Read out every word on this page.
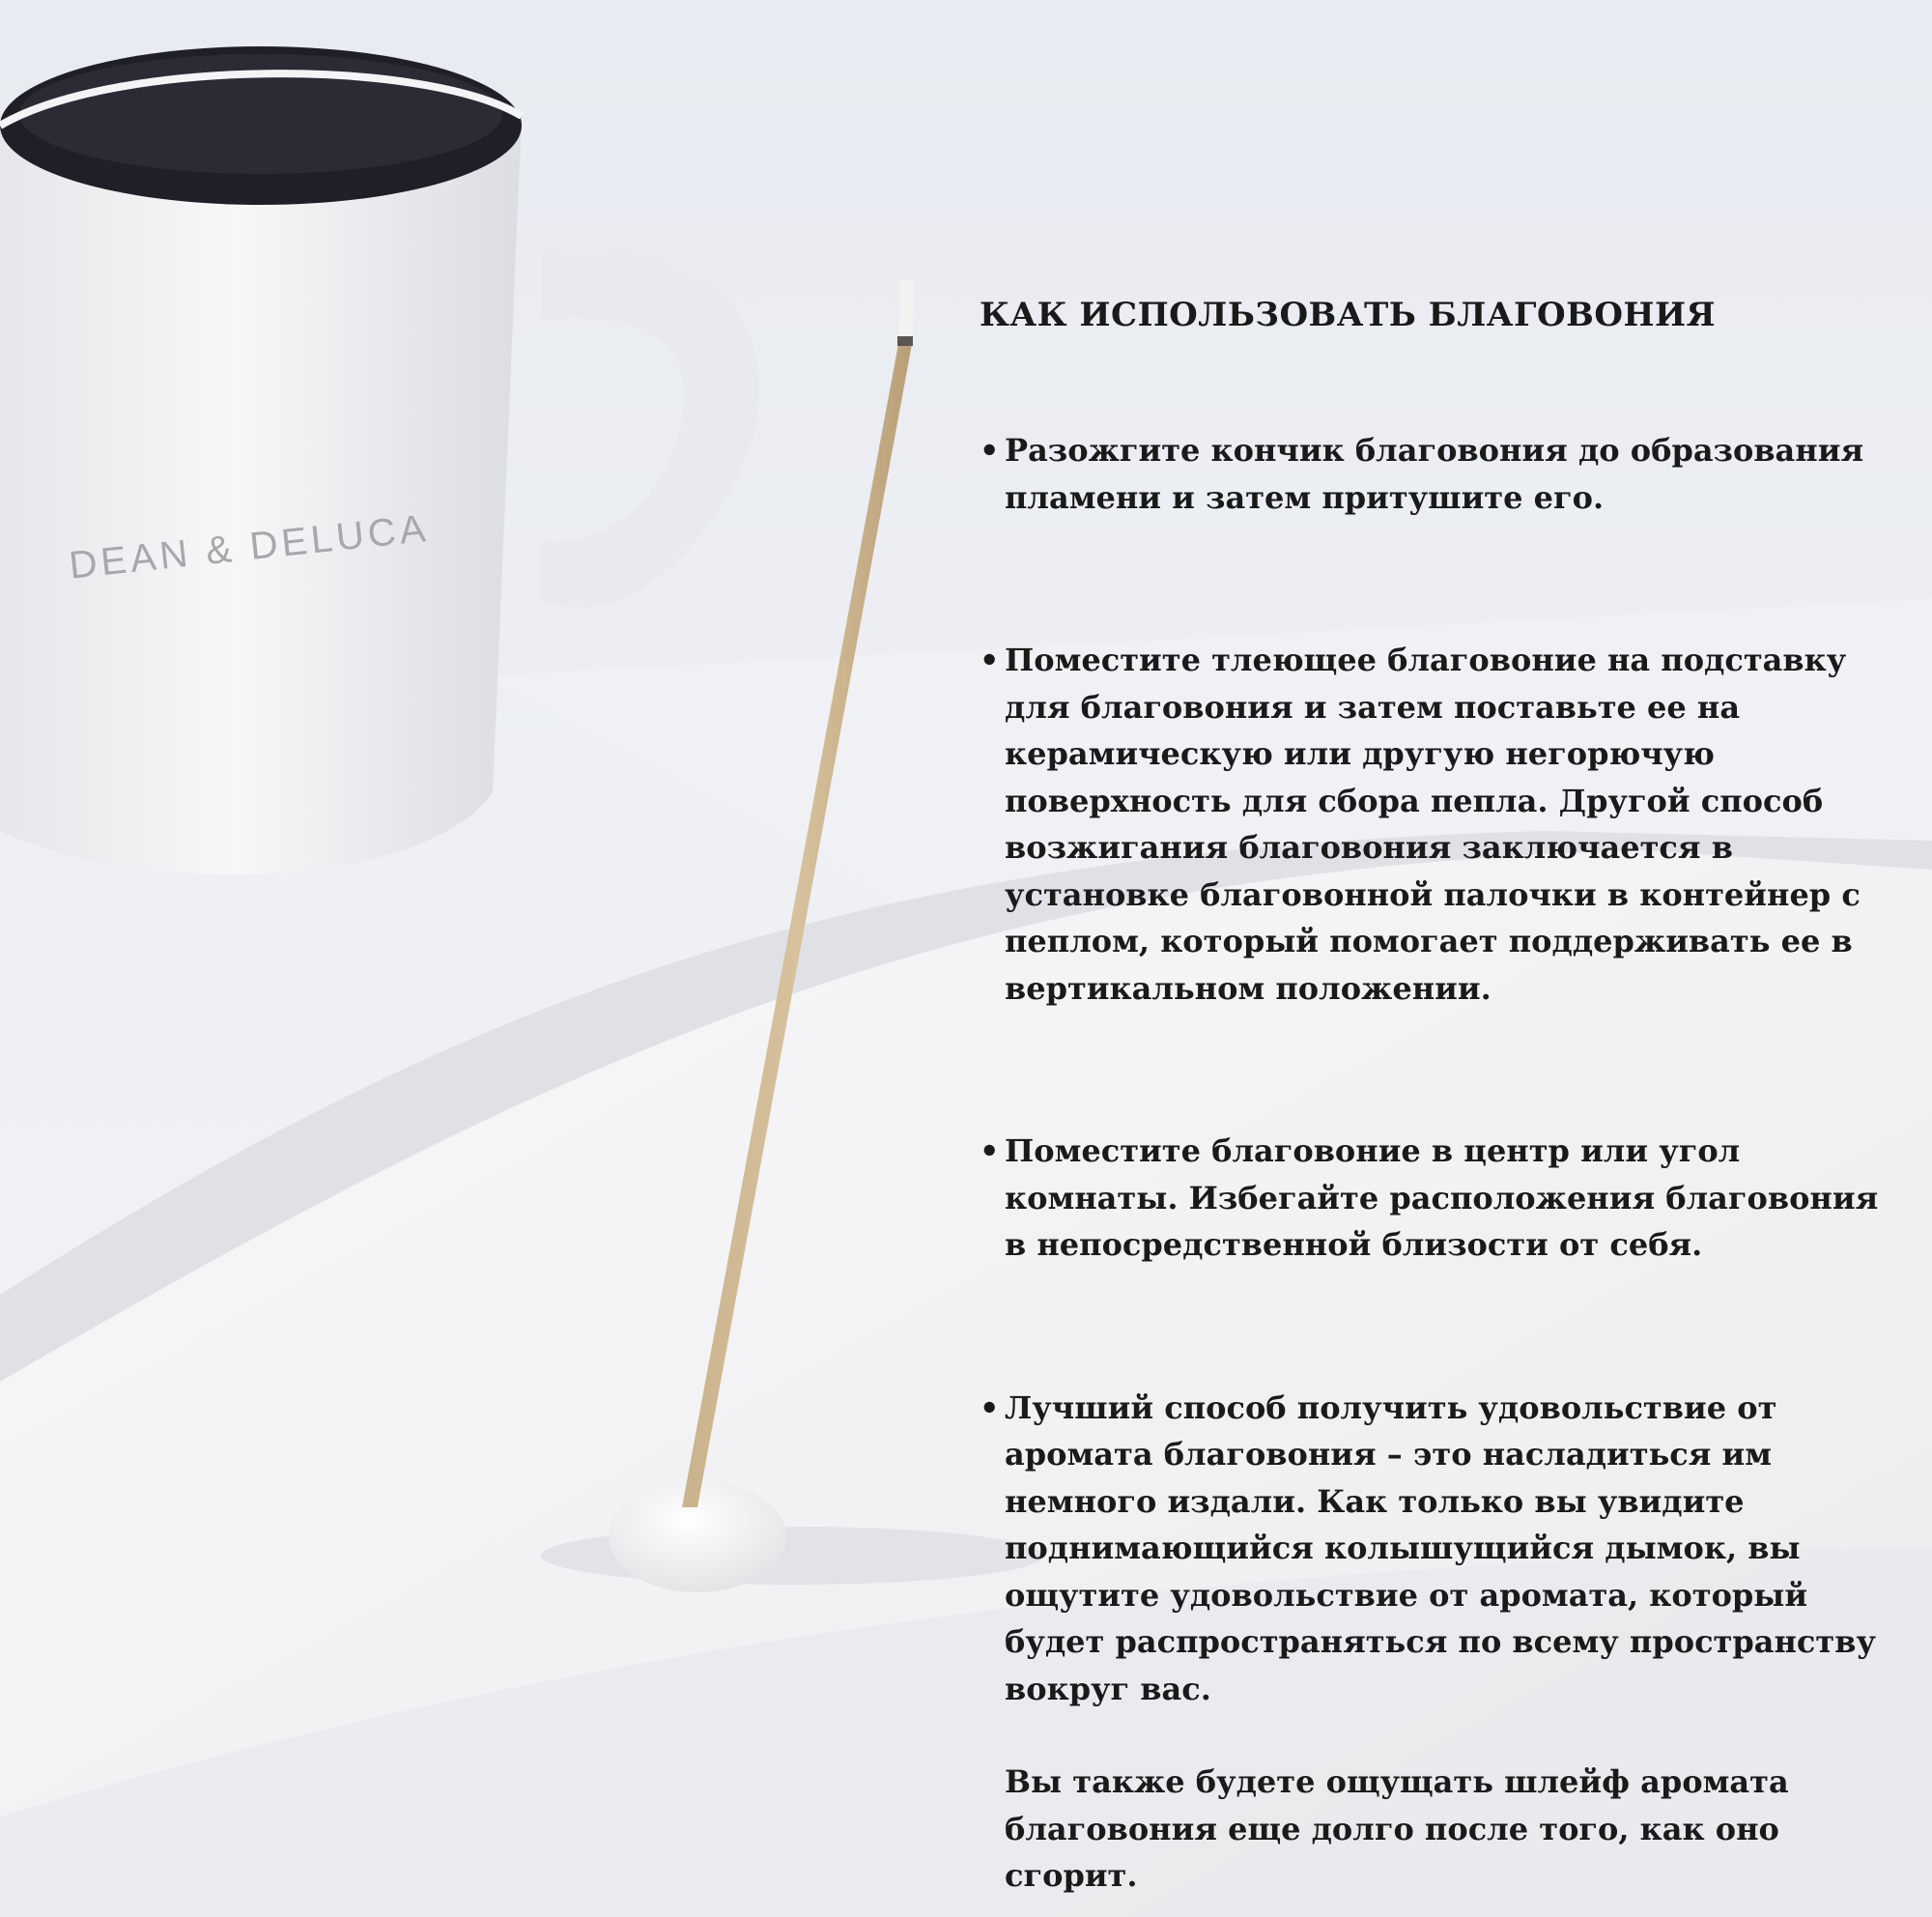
DEAN & DELUCA
КАК ИСПОЛЬЗОВАТЬ БЛАГОВОНИЯ
• Разожгите кончик благовония до образования пламени и затем притушите его.
• Поместите тлеющее благовоние на подставку для благовония и затем поставьте ее на керамическую или другую негорючую поверхность для сбора пепла. Другой способ возжигания благовония заключается в установке благовонной палочки в контейнер с пеплом, который помогает поддерживать ее в вертикальном положении.
• Поместите благовоние в центр или угол комнаты. Избегайте расположения благовония в непосредственной близости от себя.
• Лучший способ получить удовольствие от аромата благовония – это насладиться им немного издали. Как только вы увидите поднимающийся колышущийся дымок, вы ощутите удовольствие от аромата, который будет распространяться по всему пространству вокруг вас.

Вы также будете ощущать шлейф аромата благовония еще долго после того, как оно сгорит.
